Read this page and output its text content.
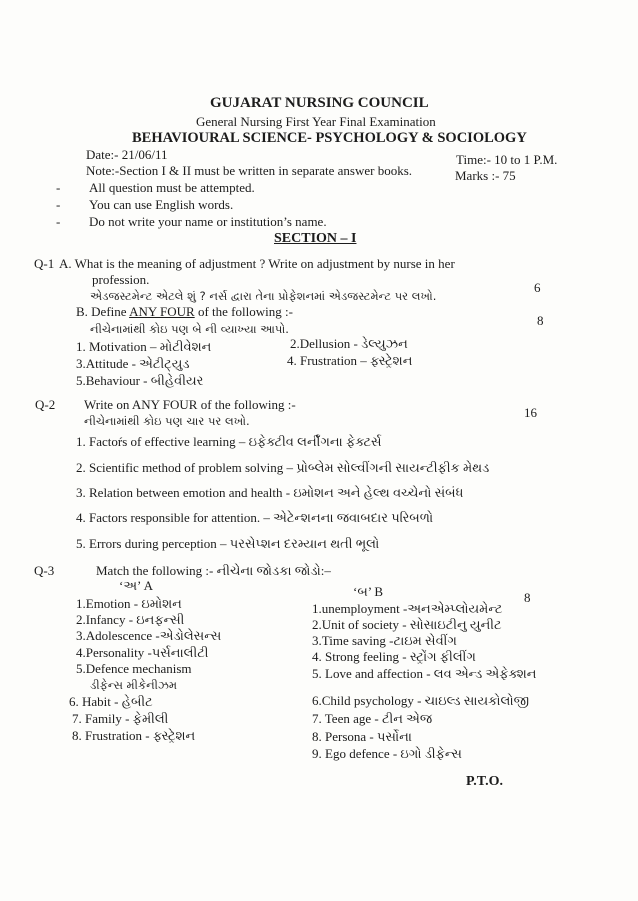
GUJARAT NURSING COUNCIL
General Nursing First Year Final Examination
BEHAVIOURAL SCIENCE- PSYCHOLOGY & SOCIOLOGY
Date:- 21/06/11	Time:- 10 to 1 P.M.
Note:-Section I & II must be written in separate answer books.	Marks :- 75
- All question must be attempted.
- You can use English words.
- Do not write your name or institution’s name.
SECTION – I
Q-1 A. What is the meaning of adjustment ? Write on adjustment by nurse in her
profession.
એડજસ્ટમેન્ટ એટલે શું ? નર્સ દ્વારા તેના પ્રોફેશનમાં એડજસ્ટમેન્ટ પર લખો.
6
B. Define ANY FOUR of the following :-
નીચેનામાંથી કોઇ પણ બે ની વ્યાખ્યા આપો.
8
1. Motivation – મોટીવેશન	2.Dellusion - ડેલ્યુઝન
3.Attitude - એટીટ્યુડ	4. Frustration – ફ્સ્ટ્રેશન
5.Behaviour - બીહેવીયર
Q-2 Write on ANY FOUR of the following :-
નીચેનામાંથી કોઇ પણ ચાર પર લખો.
16
1. Factoŕs of effective learning – ઇફેક્ટીવ લર્નીંગના ફેક્ટર્સ
2. Scientific method of problem solving – પ્રોબ્લેમ સોલ્વીંગની સાયન્ટીફીક મેથડ
3. Relation between emotion and health - ઇમોશન અને હેલ્થ વચ્ચેનો સંબંધ
4. Factors responsible for attention. – એટેન્શનના જવાબદાર પરિબળો
5. Errors during perception – પરસેપ્શન દરમ્યાન થતી ભૂલો
Q-3	Match the following :- નીચેના જોડકા જોડો:–
‘અ’ A	‘બ’ B	8
1.Emotion - ઇમોશન
2.Infancy - ઇનફન્સી
3.Adolescence -એડોલેસન્સ
4.Personality -પર્સનાલીટી
5.Defence mechanism
ડીફેન્સ મીકેનીઝમ
6. Habit - હેબીટ
7. Family - ફેમીલી
8. Frustration - ફ્સ્ટ્રેશન
1.unemployment -અનએમ્પ્લોયમેન્ટ
2.Unit of society - સોસાઇટીનુ યુનીટ
3.Time saving -ટાઇમ સેવીંગ
4. Strong feeling - સ્ટ્રોંગ ફીલીંગ
5. Love and affection - લવ એન્ડ એફેક્શન
6.Child psychology - ચાઇલ્ડ સાયકોલોજી
7. Teen age - ટીન એજ
8. Persona - પર્સોના
9. Ego defence - ઇગો ડીફેન્સ
P.T.O.
